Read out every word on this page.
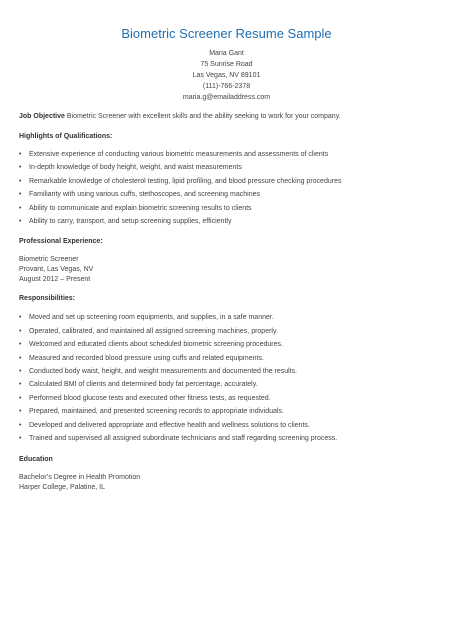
Biometric Screener Resume Sample
Maria Gant
75 Sunrise Road
Las Vegas, NV 89101
(111)-766-2378
maria.g@emailaddress.com
Job Objective Biometric Screener with excellent skills and the ability seeking to work for your company.

Highlights of Qualifications:

• Extensive experience of conducting various biometric measurements and assessments of clients
• In-depth knowledge of body height, weight, and waist measurements
• Remarkable knowledge of cholesterol testing, lipid profiling, and blood pressure checking procedures
• Familiarity with using various cuffs, stethoscopes, and screening machines
• Ability to communicate and explain biometric screening results to clients
• Ability to carry, transport, and setup screening supplies, efficiently

Professional Experience:

Biometric Screener
Provant, Las Vegas, NV
August 2012 – Present

Responsibilities:

• Moved and set up screening room equipments, and supplies, in a safe manner.
• Operated, calibrated, and maintained all assigned screening machines, properly.
• Welcomed and educated clients about scheduled biometric screening procedures.
• Measured and recorded blood pressure using cuffs and related equipments.
• Conducted body waist, height, and weight measurements and documented the results.
• Calculated BMI of clients and determined body fat percentage, accurately.
• Performed blood glucose tests and executed other fitness tests, as requested.
• Prepared, maintained, and presented screening records to appropriate individuals.
• Developed and delivered appropriate and effective health and wellness solutions to clients.
• Trained and supervised all assigned subordinate technicians and staff regarding screening process.

Education

Bachelor’s Degree in Health Promotion
Harper College, Palatine, IL
